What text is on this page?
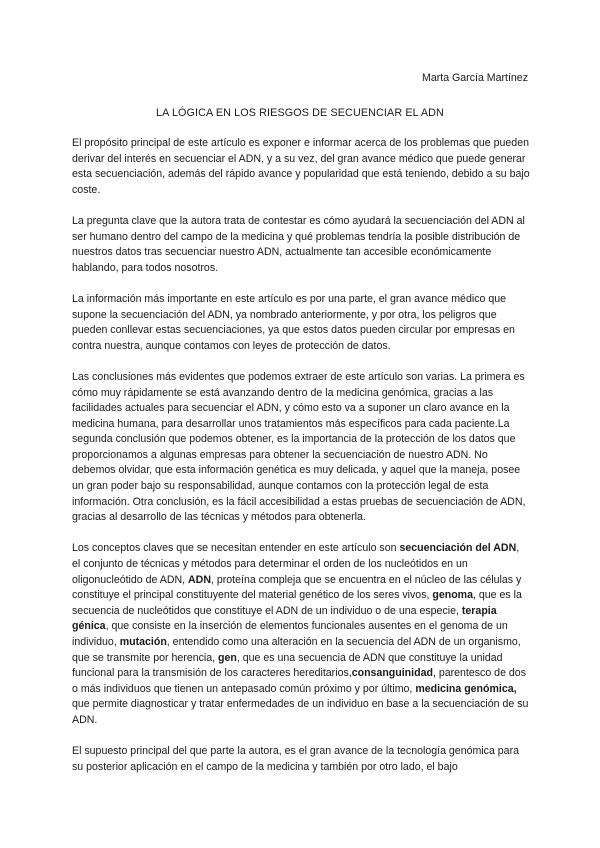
Marta García Martínez
LA LÓGICA EN LOS RIESGOS DE SECUENCIAR EL ADN

El propósito principal de este artículo es exponer e informar acerca de los problemas que pueden derivar del interés en secuenciar el ADN, y a su vez, del gran avance médico que puede generar esta secuenciación, además del rápido avance y popularidad que está teniendo, debido a su bajo coste.

La pregunta clave que la autora trata de contestar es cómo ayudará la secuenciación del ADN al ser humano dentro del campo de la medicina y qué problemas tendría la posible distribución de nuestros datos tras secuenciar nuestro ADN, actualmente tan accesible económicamente hablando, para todos nosotros.

La información más importante en este artículo es por una parte, el gran avance médico que supone la secuenciación del ADN, ya nombrado anteriormente, y por otra, los peligros que pueden conllevar estas secuenciaciones, ya que estos datos pueden circular por empresas en contra nuestra, aunque contamos con leyes de protección de datos.

Las conclusiones más evidentes que podemos extraer de este artículo son varias. La primera es cómo muy rápidamente se está avanzando dentro de la medicina genómica, gracias a las facilidades actuales para secuenciar el ADN, y cómo esto va a suponer un claro avance en la medicina humana, para desarrollar unos tratamientos más específicos para cada paciente.La segunda conclusión que podemos obtener, es la importancia de la protección de los datos que proporcionamos a algunas empresas para obtener la secuenciación de nuestro ADN. No debemos olvidar, que esta información genética es muy delicada, y aquel que la maneja, posee un gran poder bajo su responsabilidad, aunque contamos con la protección legal de esta información. Otra conclusión, es la fácil accesibilidad a estas pruebas de secuenciación de ADN, gracias al desarrollo de las técnicas y métodos para obtenerla.

Los conceptos claves que se necesitan entender en este artículo son secuenciación del ADN, el conjunto de técnicas y métodos para determinar el orden de los nucleótidos en un oligonucleótido de ADN, ADN, proteína compleja que se encuentra en el núcleo de las células y constituye el principal constituyente del material genético de los seres vivos, genoma, que es la secuencia de nucleótidos que constituye el ADN de un individuo o de una especie, terapia génica, que consiste en la inserción de elementos funcionales ausentes en el genoma de un individuo, mutación, entendido como una alteración en la secuencia del ADN de un organismo, que se transmite por herencia, gen, que es una secuencia de ADN que constituye la unidad funcional para la transmisión de los caracteres hereditarios,consanguinidad, parentesco de dos o más individuos que tienen un antepasado común próximo y por último, medicina genómica, que permite diagnosticar y tratar enfermedades de un individuo en base a la secuenciación de su ADN.

El supuesto principal del que parte la autora, es el gran avance de la tecnología genómica para su posterior aplicación en el campo de la medicina y también por otro lado, el bajo
